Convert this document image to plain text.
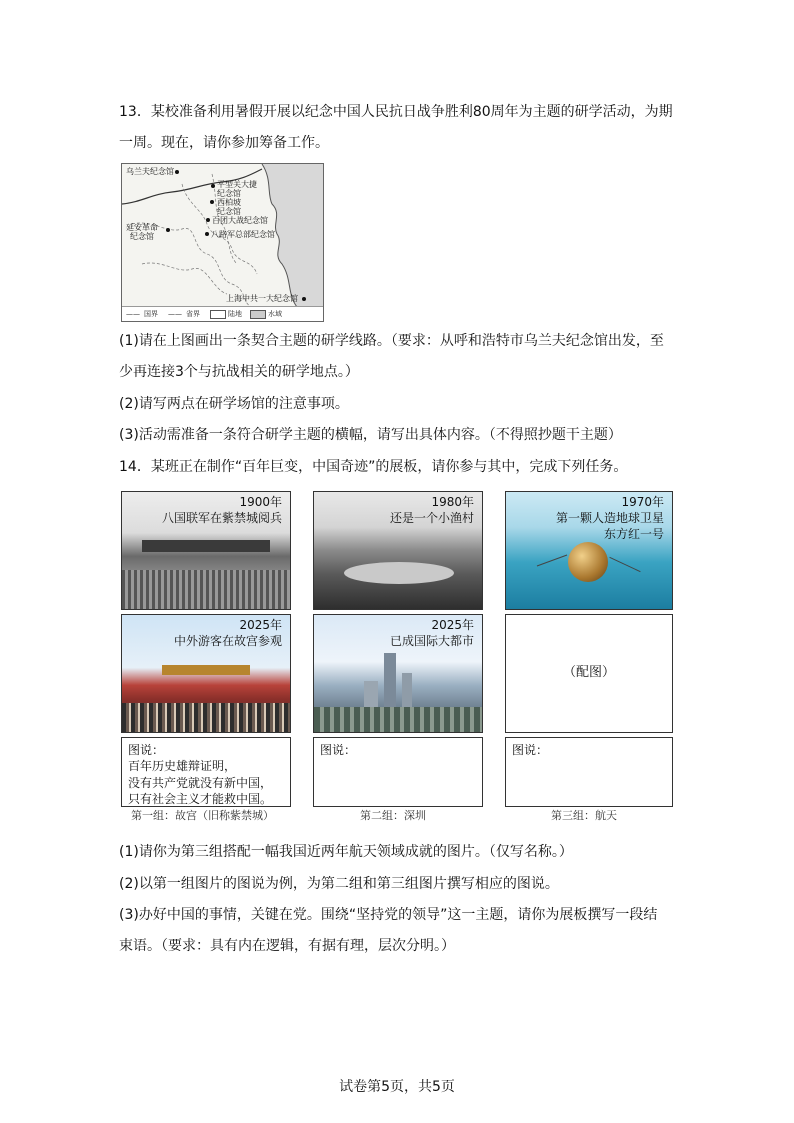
13．某校准备利用暑假开展以纪念中国人民抗日战争胜利80周年为主题的研学活动，为期
一周。现在，请你参加筹备工作。
乌兰夫纪念馆
平型关大捷
纪念馆
西柏坡
纪念馆
延安革命
纪念馆
百团大战纪念馆
八路军总部纪念馆
上海中共一大纪念馆
—— 国界 —— 省界	陆地	水域
(1)请在上图画出一条契合主题的研学线路。（要求：从呼和浩特市乌兰夫纪念馆出发，至
少再连接3个与抗战相关的研学地点。）
(2)请写两点在研学场馆的注意事项。
(3)活动需准备一条符合研学主题的横幅，请写出具体内容。（不得照抄题干主题）
14．某班正在制作“百年巨变，中国奇迹”的展板，请你参与其中，完成下列任务。
1900年
八国联军在紫禁城阅兵
2025年
中外游客在故宫参观
图说：
百年历史雄辩证明，
没有共产党就没有新中国，
只有社会主义才能救中国。
第一组：故宫（旧称紫禁城）
1980年
还是一个小渔村
2025年
已成国际大都市
图说：
第二组：深圳
1970年
第一颗人造地球卫星
东方红一号
（配图）
图说：
第三组：航天
(1)请你为第三组搭配一幅我国近两年航天领域成就的图片。（仅写名称。）
(2)以第一组图片的图说为例，为第二组和第三组图片撰写相应的图说。
(3)办好中国的事情，关键在党。围绕“坚持党的领导”这一主题，请你为展板撰写一段结
束语。（要求：具有内在逻辑，有据有理，层次分明。）
试卷第5页，共5页
